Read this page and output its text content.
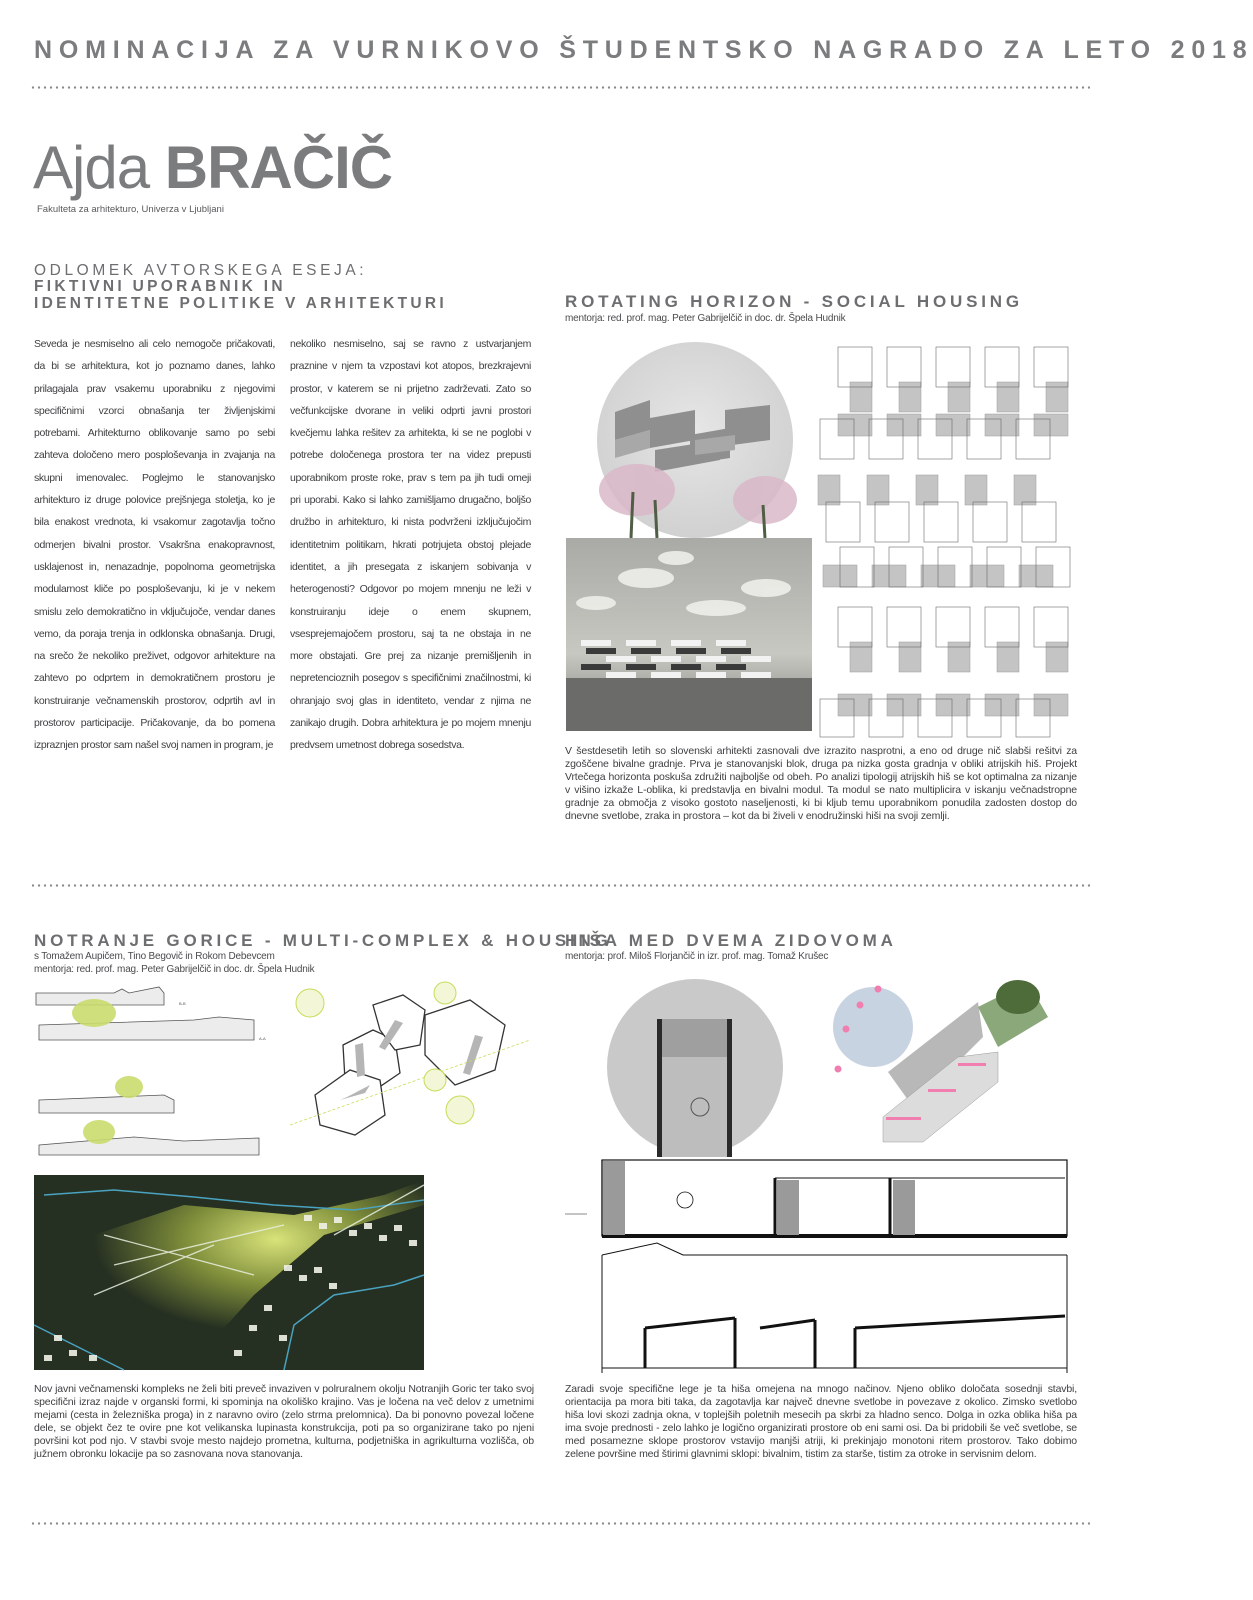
NOMINACIJA ZA VURNIKOVO ŠTUDENTSKO NAGRADO ZA LETO 2018
Ajda BRAČIČ
Fakulteta za arhitekturo, Univerza v Ljubljani
ODLOMEK AVTORSKEGA ESEJA:
FIKTIVNI UPORABNIK IN
IDENTITETNE POLITIKE V ARHITEKTURI
Seveda je nesmiselno ali celo nemogoče pričakovati, da bi se arhitektura, kot jo poznamo danes, lahko prilagajala prav vsakemu uporabniku z njegovimi specifičnimi vzorci obnašanja ter življenjskimi potrebami. Arhitekturno oblikovanje samo po sebi zahteva določeno mero posploševanja in zvajanja na skupni imenovalec. Poglejmo le stanovanjsko arhitekturo iz druge polovice prejšnjega stoletja, ko je bila enakost vrednota, ki vsakomur zagotavlja točno odmerjen bivalni prostor. Vsakršna enakopravnost, usklajenost in, nenazadnje, popolnoma geometrijska modularnost kliče po posploševanju, ki je v nekem smislu zelo demokratično in vključujoče, vendar danes vemo, da poraja trenja in odklonska obnašanja. Drugi, na srečo že nekoliko preživet, odgovor arhitekture na zahtevo po odprtem in demokratičnem prostoru je konstruiranje večnamenskih prostorov, odprtih avl in prostorov participacije. Pričakovanje, da bo pomena izpraznjen prostor sam našel svoj namen in program, je
nekoliko nesmiselno, saj se ravno z ustvarjanjem praznine v njem ta vzpostavi kot atopos, brezkrajevni prostor, v katerem se ni prijetno zadrževati. Zato so večfunkcijske dvorane in veliki odprti javni prostori kvečjemu lahka rešitev za arhitekta, ki se ne poglobi v potrebe določenega prostora ter na videz prepusti uporabnikom proste roke, prav s tem pa jih tudi omeji pri uporabi. Kako si lahko zamišljamo drugačno, boljšo družbo in arhitekturo, ki nista podvrženi izključujočim identitetnim politikam, hkrati potrjujeta obstoj plejade identitet, a jih presegata z iskanjem sobivanja v heterogenosti? Odgovor po mojem mnenju ne leži v konstruiranju ideje o enem skupnem, vsesprejemajočem prostoru, saj ta ne obstaja in ne more obstajati. Gre prej za nizanje premišljenih in nepretencioznih posegov s specifičnimi značilnostmi, ki ohranjajo svoj glas in identiteto, vendar z njima ne zanikajo drugih. Dobra arhitektura je po mojem mnenju predvsem umetnost dobrega sosedstva.
ROTATING HORIZON - SOCIAL HOUSING
mentorja: red. prof. mag. Peter Gabrijelčič in doc. dr. Špela Hudnik
V šestdesetih letih so slovenski arhitekti zasnovali dve izrazito nasprotni, a eno od druge nič slabši rešitvi za zgoščene bivalne gradnje. Prva je stanovanjski blok, druga pa nizka gosta gradnja v obliki atrijskih hiš. Projekt Vrtečega horizonta poskuša združiti najboljše od obeh. Po analizi tipologij atrijskih hiš se kot optimalna za nizanje v višino izkaže L-oblika, ki predstavlja en bivalni modul. Ta modul se nato multiplicira v iskanju večnadstropne gradnje za območja z visoko gostoto naseljenosti, ki bi kljub temu uporabnikom ponudila zadosten dostop do dnevne svetlobe, zraka in prostora – kot da bi živeli v enodružinski hiši na svoji zemlji.
NOTRANJE GORICE - MULTI-COMPLEX & HOUSING
s Tomažem Aupičem, Tino Begovič in Rokom Debevcem
mentorja: red. prof. mag. Peter Gabrijelčič in doc. dr. Špela Hudnik
B-B
A-A
Nov javni večnamenski kompleks ne želi biti preveč invaziven v polruralnem okolju Notranjih Goric ter tako svoj specifični izraz najde v organski formi, ki spominja na okoliško krajino. Vas je ločena na več delov z umetnimi mejami (cesta in železniška proga) in z naravno oviro (zelo strma prelomnica). Da bi ponovno povezal ločene dele, se objekt čez te ovire pne kot velikanska lupinasta konstrukcija, poti pa so organizirane tako po njeni površini kot pod njo. V stavbi svoje mesto najdejo prometna, kulturna, podjetniška in agrikulturna vozlišča, ob južnem obronku lokacije pa so zasnovana nova stanovanja.
HIŠA MED DVEMA ZIDOVOMA
mentorja: prof. Miloš Florjančič in izr. prof. mag. Tomaž Krušec
Zaradi svoje specifične lege je ta hiša omejena na mnogo načinov. Njeno obliko določata sosednji stavbi, orientacija pa mora biti taka, da zagotavlja kar največ dnevne svetlobe in povezave z okolico. Zimsko svetlobo hiša lovi skozi zadnja okna, v toplejših poletnih mesecih pa skrbi za hladno senco. Dolga in ozka oblika hiša pa ima svoje prednosti - zelo lahko je logično organizirati prostore ob eni sami osi. Da bi pridobili še več svetlobe, se med posamezne sklope prostorov vstavijo manjši atriji, ki prekinjajo monotoni ritem prostorov. Tako dobimo zelene površine med štirimi glavnimi sklopi: bivalnim, tistim za starše, tistim za otroke in servisnim delom.
